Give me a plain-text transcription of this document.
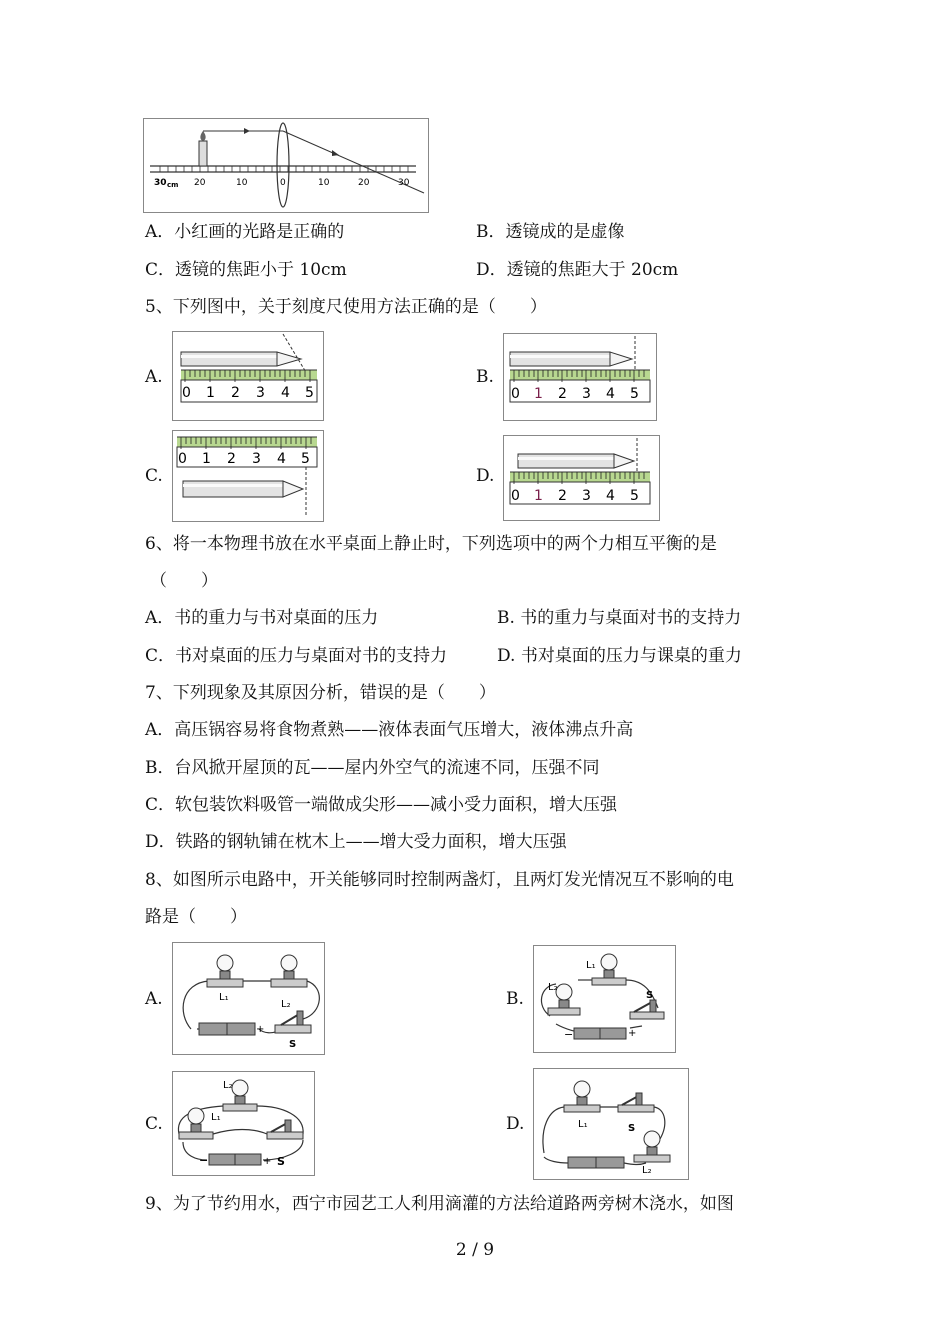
30 cm 20	10	0	10	20	30
A．小红画的光路是正确的	B．透镜成的是虚像
C．透镜的焦距小于 10cm	D．透镜的焦距大于 20cm
5、下列图中，关于刻度尺使用方法正确的是（　　）
A.
0 1 2 3 4 5
B.
0 1 2 3 4 5
C.
0 1 2 3 4 5
D.
0 1 2 3 4 5
6、将一本物理书放在水平桌面上静止时，下列选项中的两个力相互平衡的是
（　　）
A．书的重力与书对桌面的压力	B. 书的重力与桌面对书的支持力
C．书对桌面的压力与桌面对书的支持力	D. 书对桌面的压力与课桌的重力
7、下列现象及其原因分析，错误的是（　　）
A．高压锅容易将食物煮熟——液体表面气压增大，液体沸点升高
B．台风掀开屋顶的瓦——屋内外空气的流速不同，压强不同
C．软包装饮料吸管一端做成尖形——减小受力面积，增大压强
D．铁路的钢轨铺在枕木上——增大受力面积，增大压强
8、如图所示电路中，开关能够同时控制两盏灯，且两灯发光情况互不影响的电
路是（　　）
A.	L₁
L₂
+
S
B.
L₁
L₂
S
−	+
C.
L₂
L₁
−	+ S
D.	L₁	S
L₂
9、为了节约用水，西宁市园艺工人利用滴灌的方法给道路两旁树木浇水，如图
2 / 9
